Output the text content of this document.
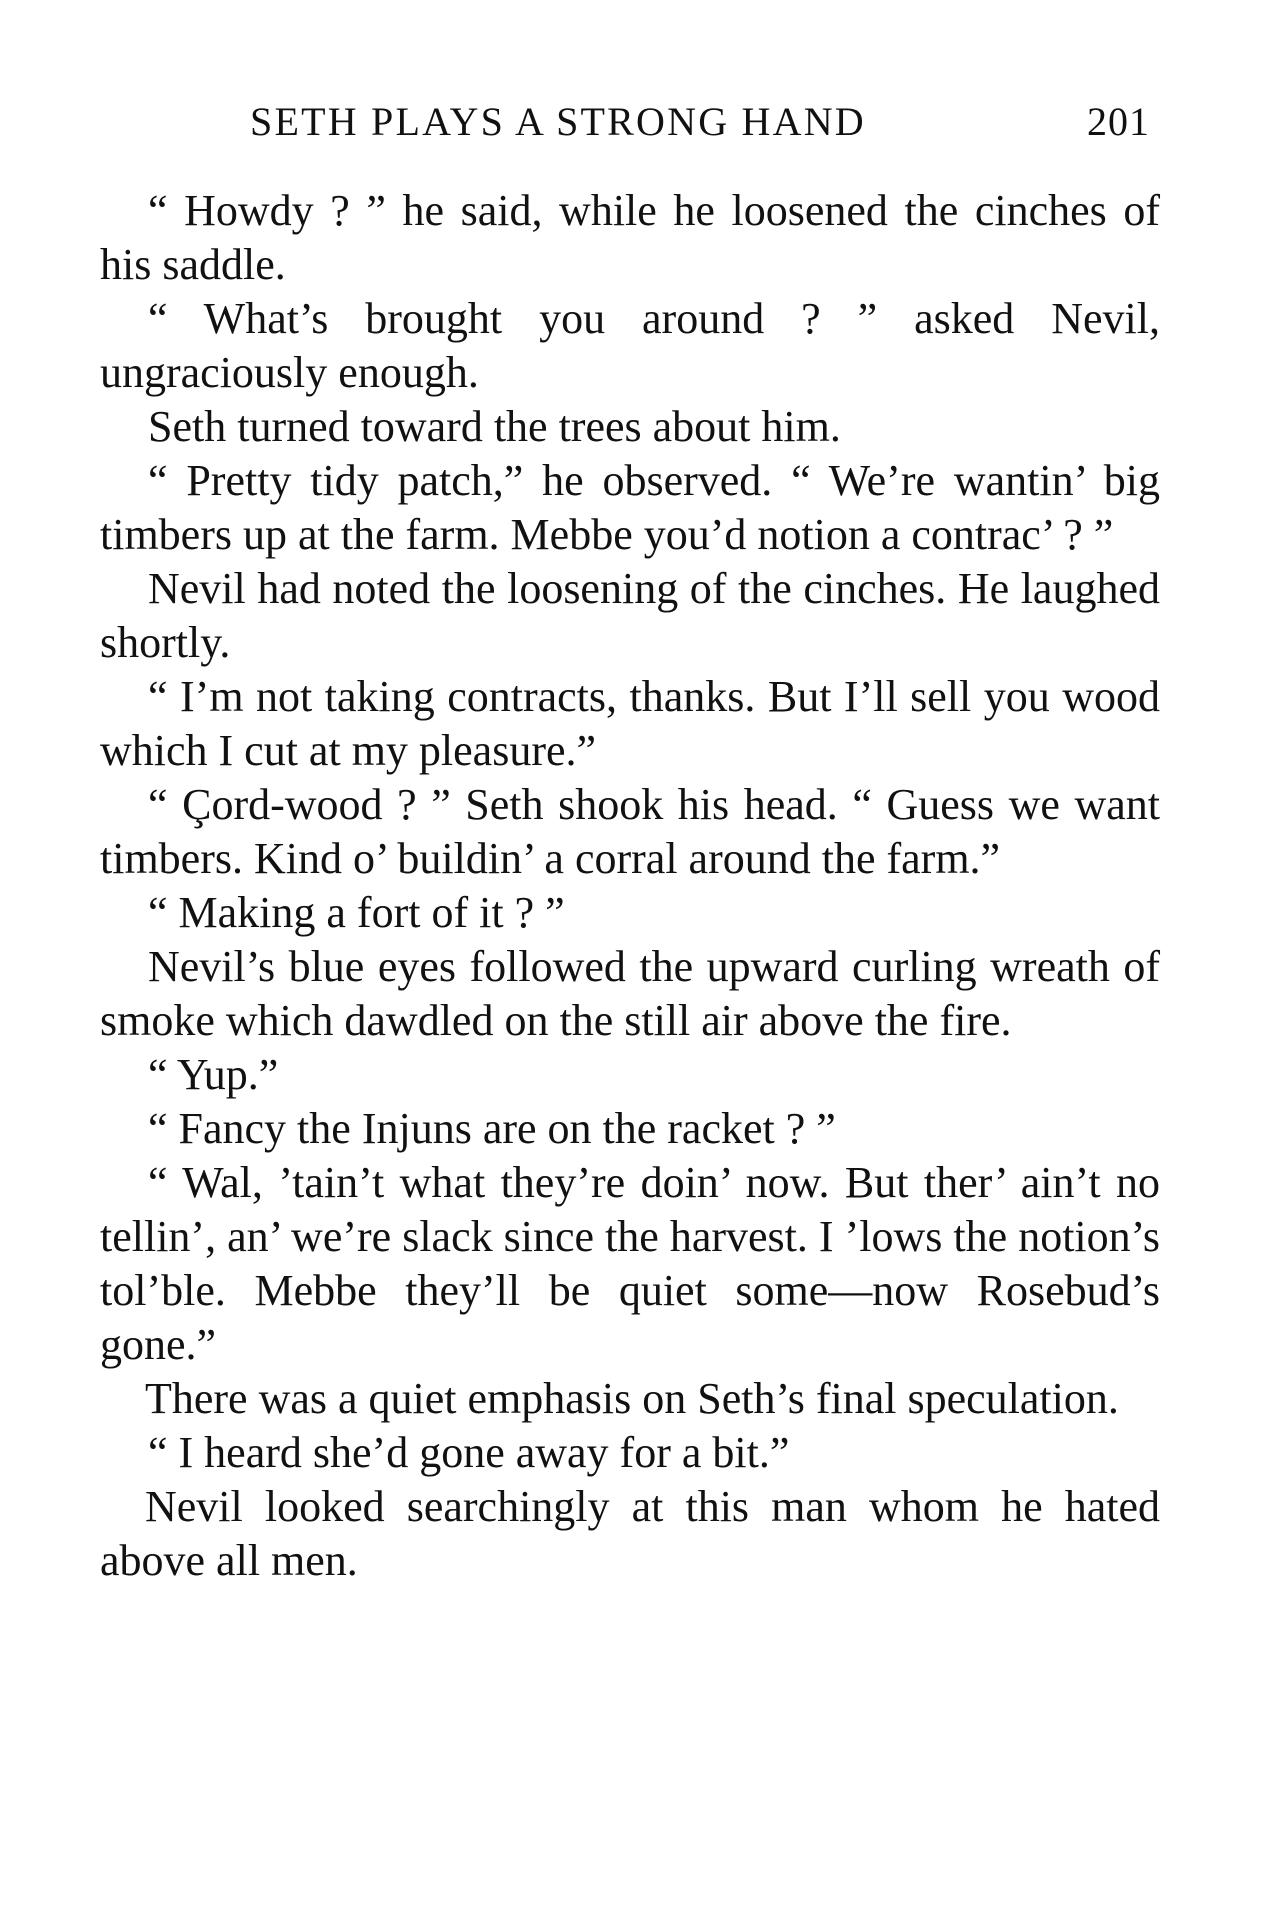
SETH PLAYS A STRONG HAND	201

“ Howdy ? ” he said, while he loosened the cinches of his saddle.

“ What’s brought you around ? ” asked Nevil, ungraciously enough.

Seth turned toward the trees about him.

“ Pretty tidy patch,” he observed. “ We’re wantin’ big timbers up at the farm. Mebbe you’d notion a contrac’ ? ”

Nevil had noted the loosening of the cinches. He laughed shortly.

“ I’m not taking contracts, thanks. But I’ll sell you wood which I cut at my pleasure.”

“ Çord-wood ? ” Seth shook his head. “ Guess we want timbers. Kind o’ buildin’ a corral around the farm.”

“ Making a fort of it ? ”

Nevil’s blue eyes followed the upward curling wreath of smoke which dawdled on the still air above the fire.

“ Yup.”

“ Fancy the Injuns are on the racket ? ”

“ Wal, ’tain’t what they’re doin’ now. But ther’ ain’t no tellin’, an’ we’re slack since the harvest. I ’lows the notion’s tol’ble. Mebbe they’ll be quiet some—now Rosebud’s gone.”

There was a quiet emphasis on Seth’s final speculation.

“ I heard she’d gone away for a bit.”

Nevil looked searchingly at this man whom he hated above all men.
